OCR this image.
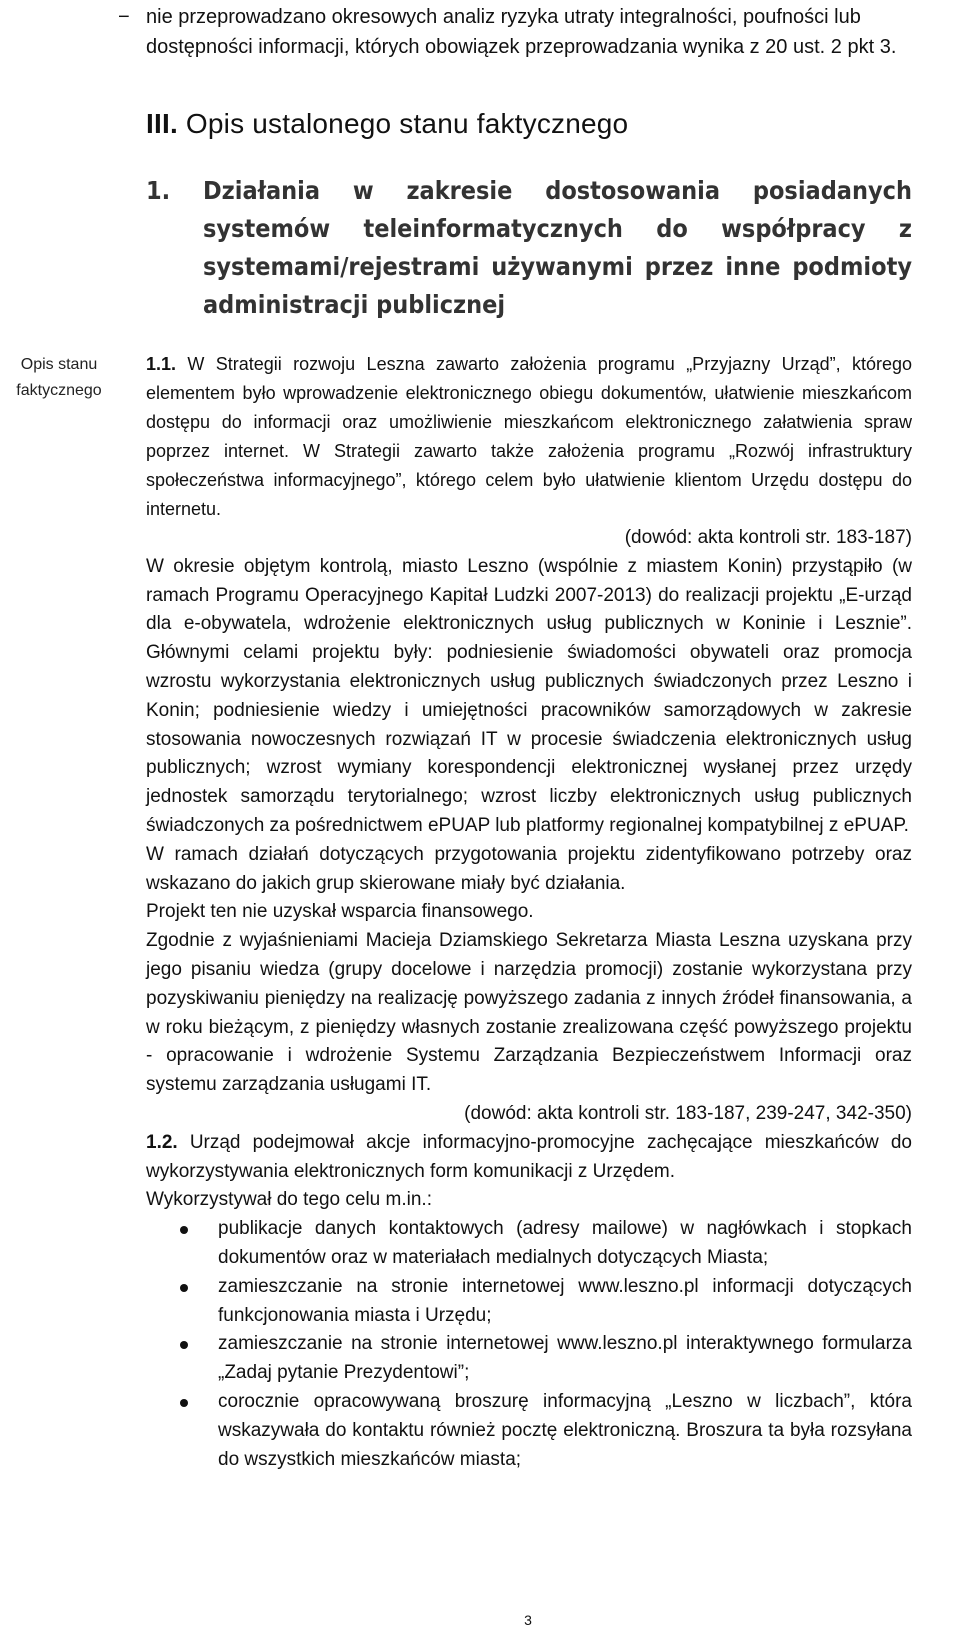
− nie przeprowadzano okresowych analiz ryzyka utraty integralności, poufności lub dostępności informacji, których obowiązek przeprowadzania wynika z 20 ust. 2 pkt 3.

III. Opis ustalonego stanu faktycznego
1. Działania w zakresie dostosowania posiadanych systemów teleinformatycznych do współpracy z systemami/rejestrami używanymi przez inne podmioty administracji publicznej
Opis stanu
faktycznego

1.1. W Strategii rozwoju Leszna zawarto założenia programu „Przyjazny Urząd”, którego elementem było wprowadzenie elektronicznego obiegu dokumentów, ułatwienie mieszkańcom dostępu do informacji oraz umożliwienie mieszkańcom elektronicznego załatwienia spraw poprzez internet. W Strategii zawarto także założenia programu „Rozwój infrastruktury społeczeństwa informacyjnego”, którego celem było ułatwienie klientom Urzędu dostępu do internetu.

(dowód: akta kontroli str. 183-187)

W okresie objętym kontrolą, miasto Leszno (wspólnie z miastem Konin) przystąpiło (w ramach Programu Operacyjnego Kapitał Ludzki 2007-2013) do realizacji projektu „E-urząd dla e-obywatela, wdrożenie elektronicznych usług publicznych w Koninie i Lesznie”. Głównymi celami projektu były: podniesienie świadomości obywateli oraz promocja wzrostu wykorzystania elektronicznych usług publicznych świadczonych przez Leszno i Konin; podniesienie wiedzy i umiejętności pracowników samorządowych w zakresie stosowania nowoczesnych rozwiązań IT w procesie świadczenia elektronicznych usług publicznych; wzrost wymiany korespondencji elektronicznej wysłanej przez urzędy jednostek samorządu terytorialnego; wzrost liczby elektronicznych usług publicznych świadczonych za pośrednictwem ePUAP lub platformy regionalnej kompatybilnej z ePUAP.

W ramach działań dotyczących przygotowania projektu zidentyfikowano potrzeby oraz wskazano do jakich grup skierowane miały być działania.

Projekt ten nie uzyskał wsparcia finansowego.

Zgodnie z wyjaśnieniami Macieja Dziamskiego Sekretarza Miasta Leszna uzyskana przy jego pisaniu wiedza (grupy docelowe i narzędzia promocji) zostanie wykorzystana przy pozyskiwaniu pieniędzy na realizację powyższego zadania z innych źródeł finansowania, a w roku bieżącym, z pieniędzy własnych zostanie zrealizowana część powyższego projektu - opracowanie i wdrożenie Systemu Zarządzania Bezpieczeństwem Informacji oraz systemu zarządzania usługami IT.

(dowód: akta kontroli str. 183-187, 239-247, 342-350)

1.2. Urząd podejmował akcje informacyjno-promocyjne zachęcające mieszkańców do wykorzystywania elektronicznych form komunikacji z Urzędem.

Wykorzystywał do tego celu m.in.:

publikacje danych kontaktowych (adresy mailowe) w nagłówkach i stopkach dokumentów oraz w materiałach medialnych dotyczących Miasta;
zamieszczanie na stronie internetowej www.leszno.pl informacji dotyczących funkcjonowania miasta i Urzędu;
zamieszczanie na stronie internetowej www.leszno.pl interaktywnego formularza „Zadaj pytanie Prezydentowi”;
corocznie opracowywaną broszurę informacyjną „Leszno w liczbach”, która wskazywała do kontaktu również pocztę elektroniczną. Broszura ta była rozsyłana do wszystkich mieszkańców miasta;
3
